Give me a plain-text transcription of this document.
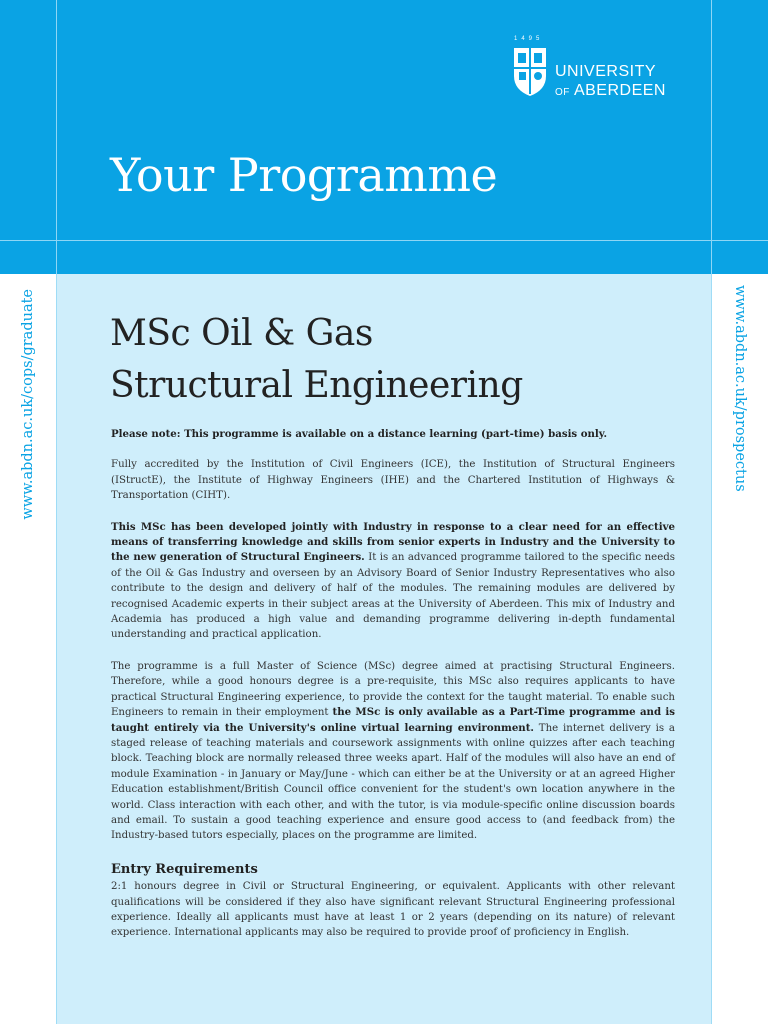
1495
UNIVERSITY
OF ABERDEEN
Your Programme
www.abdn.ac.uk/cops/graduate	www.abdn.ac.uk/prospectus
MSc Oil & Gas
Structural Engineering

Please note: This programme is available on a distance learning (part-time) basis only.

Fully accredited by the Institution of Civil Engineers (ICE), the Institution of Structural Engineers (IStructE), the Institute of Highway Engineers (IHE) and the Chartered Institution of Highways & Transportation (CIHT).

This MSc has been developed jointly with Industry in response to a clear need for an effective means of transferring knowledge and skills from senior experts in Industry and the University to the new generation of Structural Engineers. It is an advanced programme tailored to the specific needs of the Oil & Gas Industry and overseen by an Advisory Board of Senior Industry Representatives who also contribute to the design and delivery of half of the modules. The remaining modules are delivered by recognised Academic experts in their subject areas at the University of Aberdeen. This mix of Industry and Academia has produced a high value and demanding programme delivering in-depth fundamental understanding and practical application.

The programme is a full Master of Science (MSc) degree aimed at practising Structural Engineers. Therefore, while a good honours degree is a pre-requisite, this MSc also requires applicants to have practical Structural Engineering experience, to provide the context for the taught material. To enable such Engineers to remain in their employment the MSc is only available as a Part-Time programme and is taught entirely via the University's online virtual learning environment. The internet delivery is a staged release of teaching materials and coursework assignments with online quizzes after each teaching block. Teaching block are normally released three weeks apart. Half of the modules will also have an end of module Examination - in January or May/June - which can either be at the University or at an agreed Higher Education establishment/British Council office convenient for the student's own location anywhere in the world. Class interaction with each other, and with the tutor, is via module-specific online discussion boards and email. To sustain a good teaching experience and ensure good access to (and feedback from) the Industry-based tutors especially, places on the programme are limited.

Entry Requirements

2:1 honours degree in Civil or Structural Engineering, or equivalent. Applicants with other relevant qualifications will be considered if they also have significant relevant Structural Engineering professional experience. Ideally all applicants must have at least 1 or 2 years (depending on its nature) of relevant experience. International applicants may also be required to provide proof of proficiency in English.
